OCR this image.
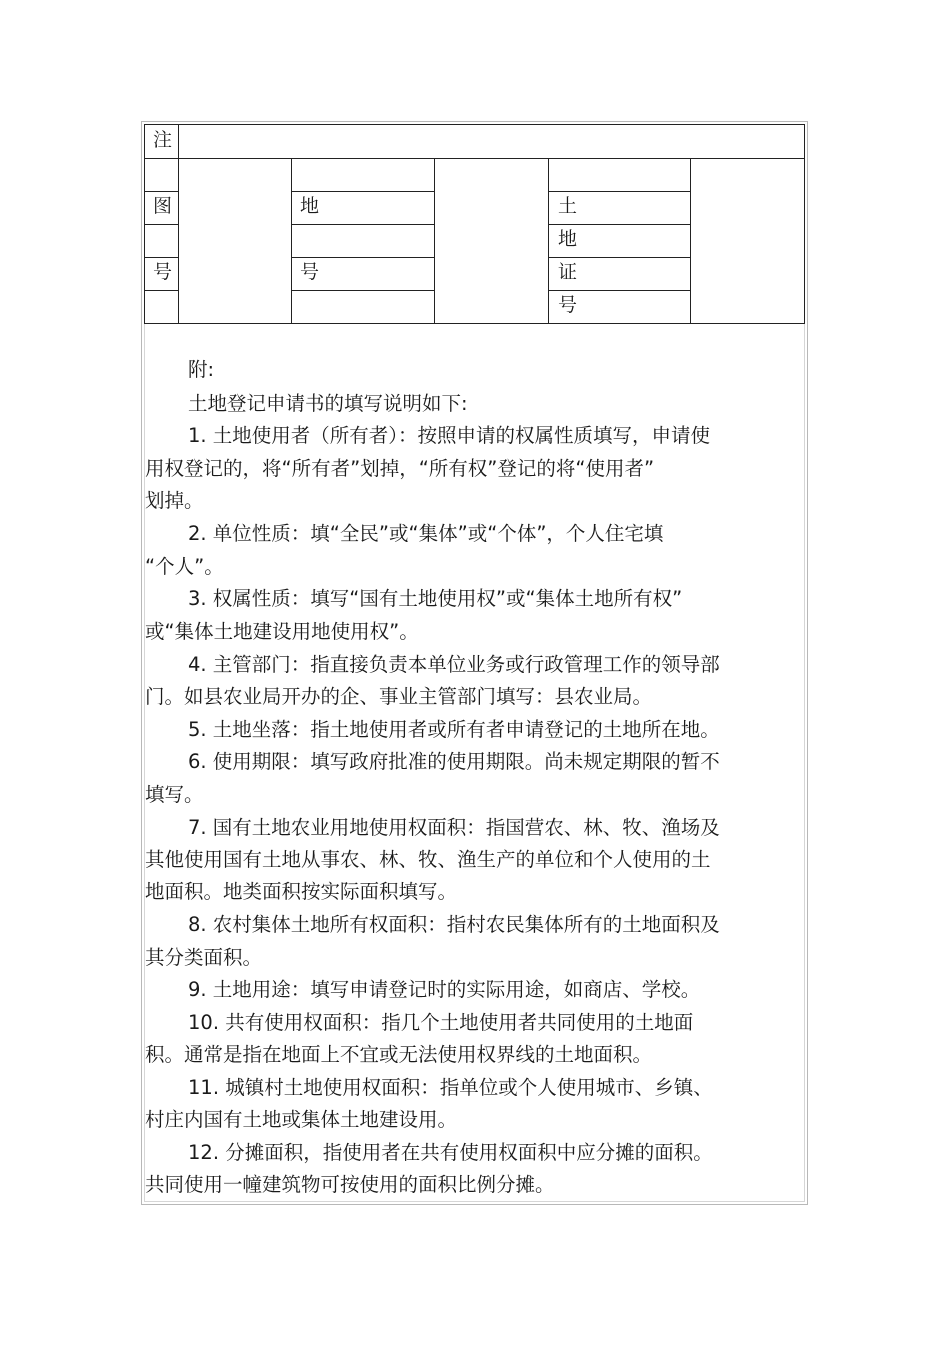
注
图
号
地
号
土
地
证
号
附:
土地登记申请书的填写说明如下:
1. 土地使用者（所有者）：按照申请的权属性质填写，申请使
用权登记的，将“所有者”划掉，“所有权”登记的将“使用者”
划掉。
2. 单位性质：填“全民”或“集体”或“个体”，个人住宅填
“个人”。
3. 权属性质：填写“国有土地使用权”或“集体土地所有权”
或“集体土地建设用地使用权”。
4. 主管部门：指直接负责本单位业务或行政管理工作的领导部
门。如县农业局开办的企、事业主管部门填写：县农业局。
5. 土地坐落：指土地使用者或所有者申请登记的土地所在地。
6. 使用期限：填写政府批准的使用期限。尚未规定期限的暂不
填写。
7. 国有土地农业用地使用权面积：指国营农、林、牧、渔场及
其他使用国有土地从事农、林、牧、渔生产的单位和个人使用的土
地面积。地类面积按实际面积填写。
8. 农村集体土地所有权面积：指村农民集体所有的土地面积及
其分类面积。
9. 土地用途：填写申请登记时的实际用途，如商店、学校。
10. 共有使用权面积：指几个土地使用者共同使用的土地面
积。通常是指在地面上不宜或无法使用权界线的土地面积。
11. 城镇村土地使用权面积：指单位或个人使用城市、乡镇、
村庄内国有土地或集体土地建设用。
12. 分摊面积，指使用者在共有使用权面积中应分摊的面积。
共同使用一幢建筑物可按使用的面积比例分摊。
